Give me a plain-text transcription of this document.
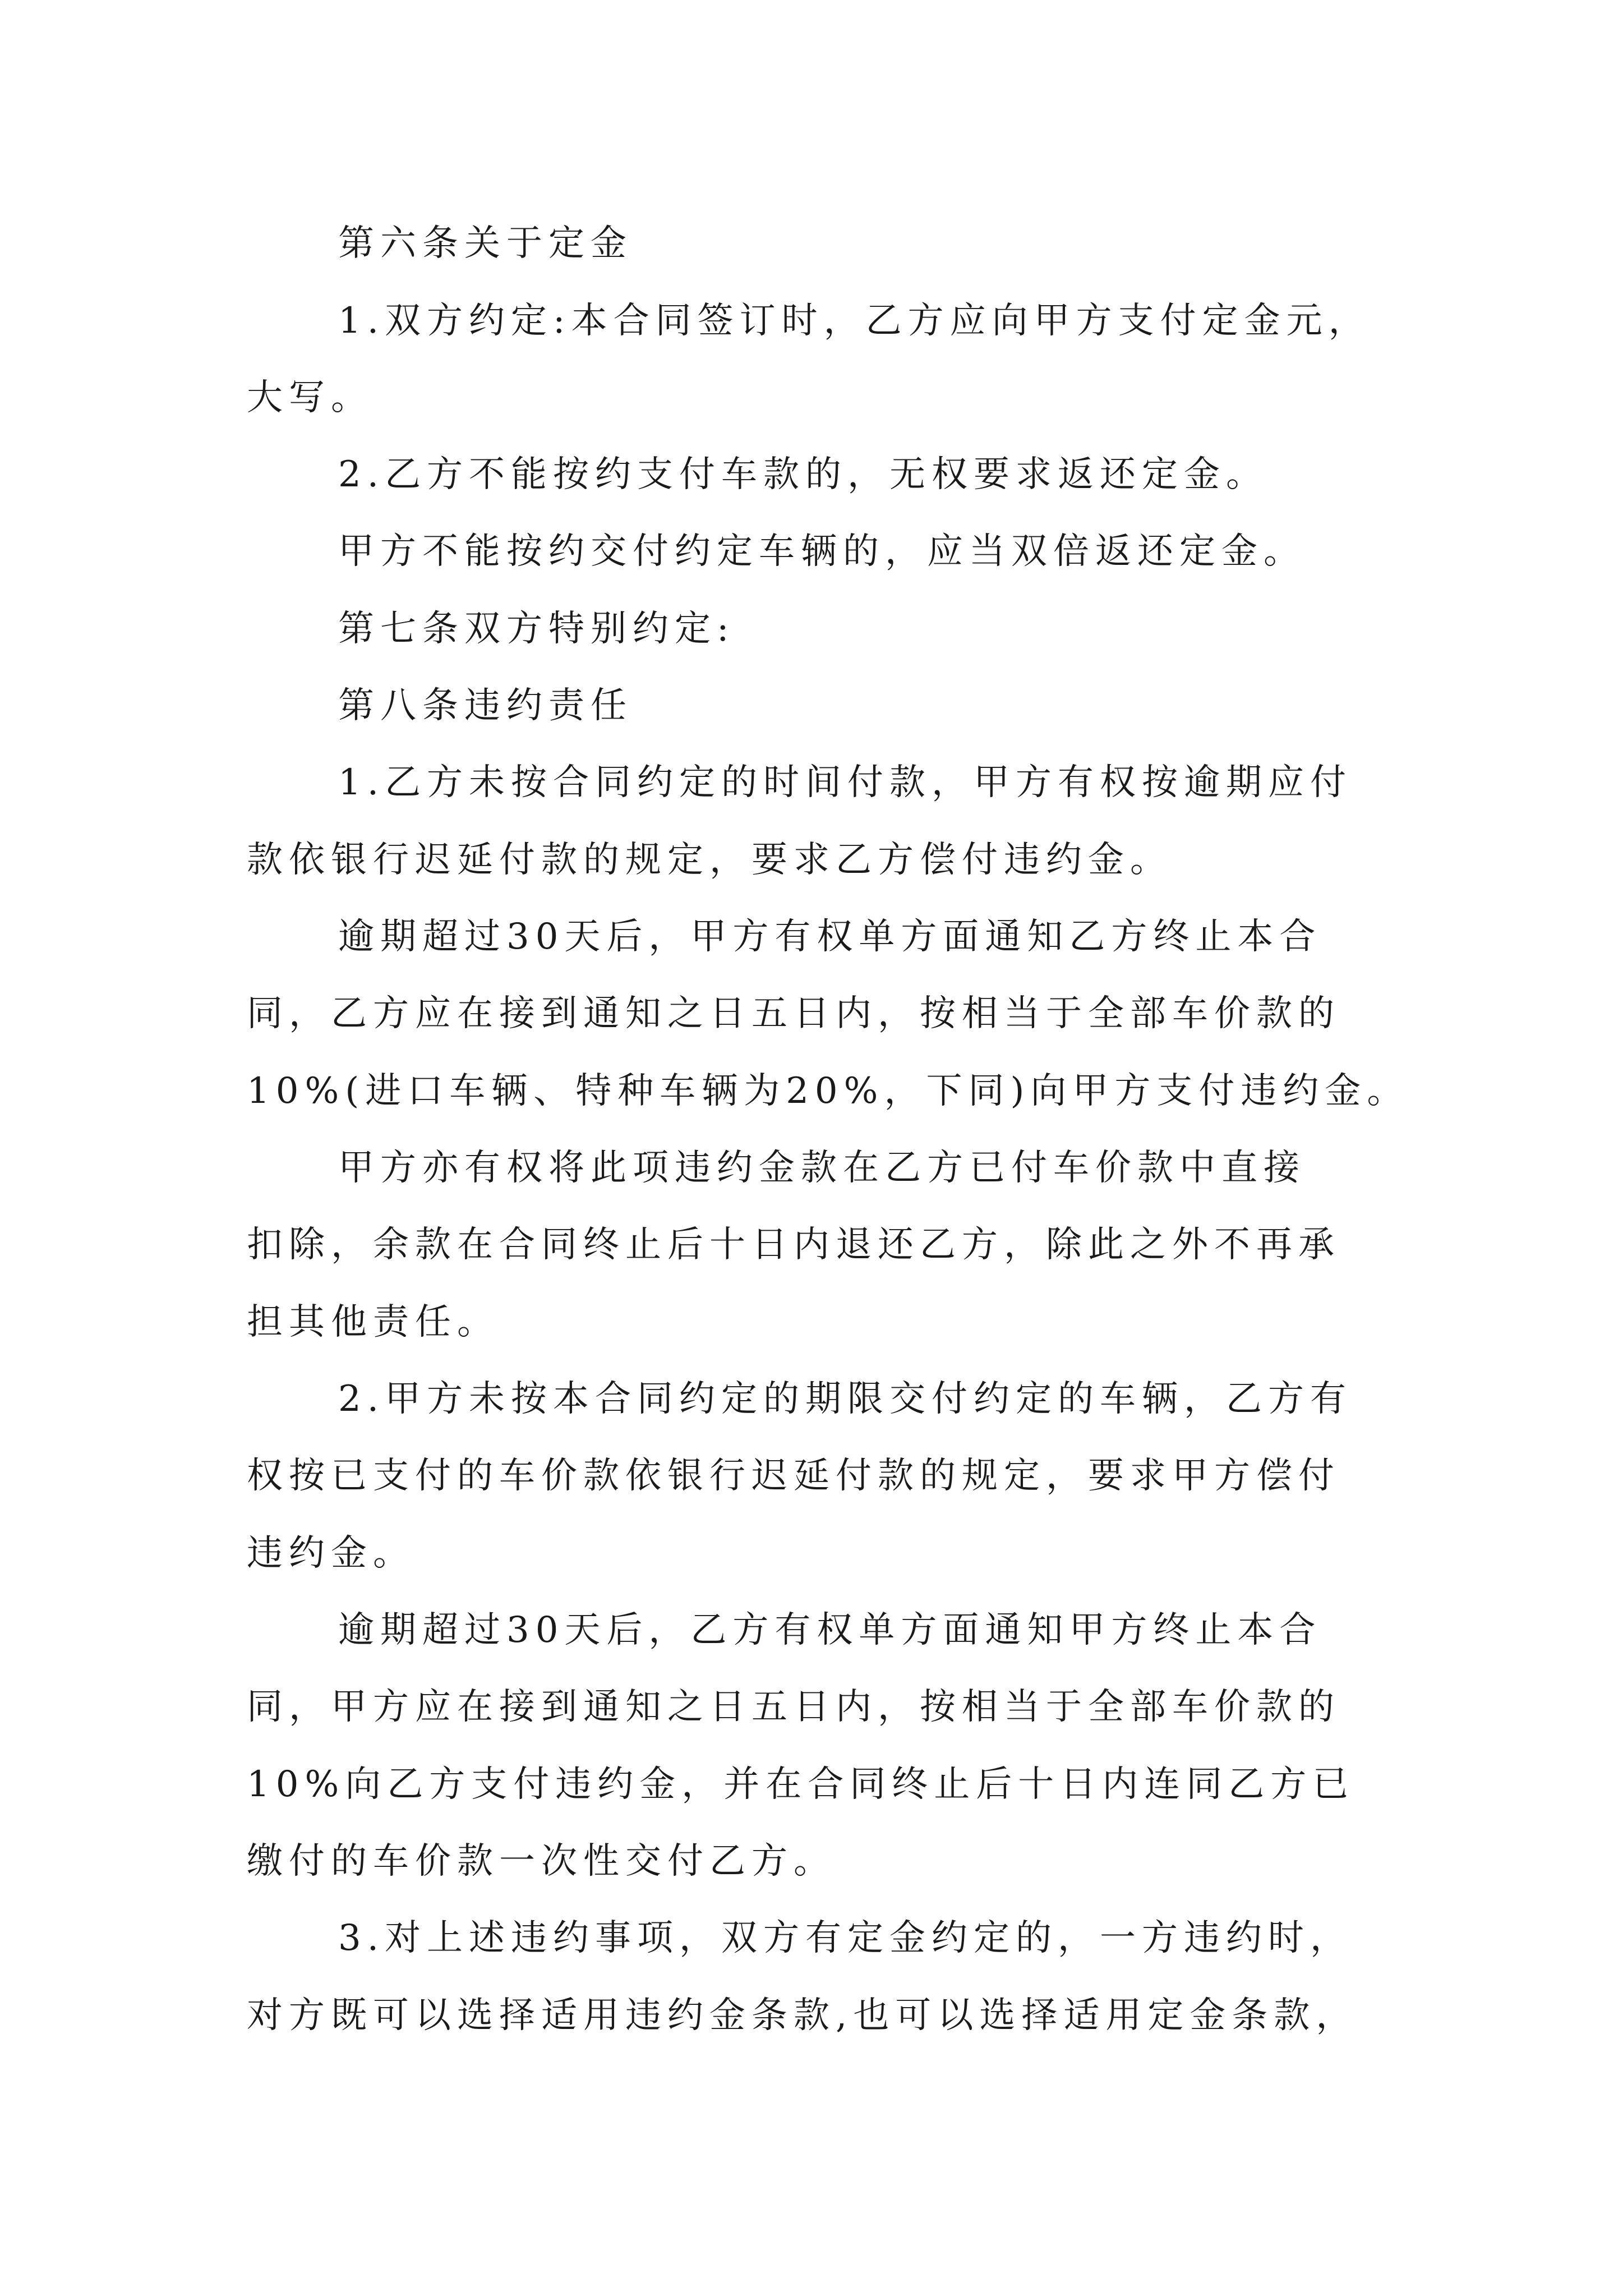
第六条关于定金
1.双方约定:本合同签订时，乙方应向甲方支付定金元，
大写。
2.乙方不能按约支付车款的，无权要求返还定金。
甲方不能按约交付约定车辆的，应当双倍返还定金。
第七条双方特别约定:
第八条违约责任
1.乙方未按合同约定的时间付款，甲方有权按逾期应付
款依银行迟延付款的规定，要求乙方偿付违约金。
逾期超过30天后，甲方有权单方面通知乙方终止本合
同，乙方应在接到通知之日五日内，按相当于全部车价款的
10%(进口车辆、特种车辆为20%，下同)向甲方支付违约金。
甲方亦有权将此项违约金款在乙方已付车价款中直接
扣除，余款在合同终止后十日内退还乙方，除此之外不再承
担其他责任。
2.甲方未按本合同约定的期限交付约定的车辆，乙方有
权按已支付的车价款依银行迟延付款的规定，要求甲方偿付
违约金。
逾期超过30天后，乙方有权单方面通知甲方终止本合
同，甲方应在接到通知之日五日内，按相当于全部车价款的
10%向乙方支付违约金，并在合同终止后十日内连同乙方已
缴付的车价款一次性交付乙方。
3.对上述违约事项，双方有定金约定的，一方违约时，
对方既可以选择适用违约金条款,也可以选择适用定金条款，
